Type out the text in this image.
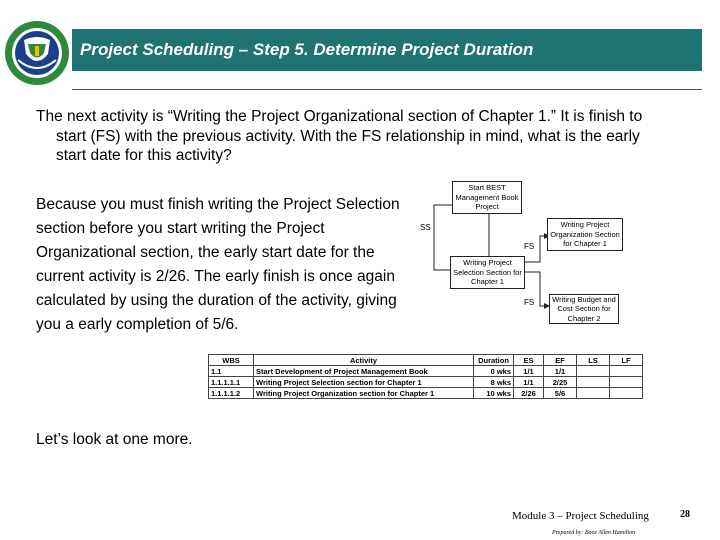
Project Scheduling – Step 5. Determine Project Duration
The next activity is “Writing the Project Organizational section of Chapter 1.” It is finish to start (FS) with the previous activity. With the FS relationship in mind, what is the early start date for this activity?
Because you must finish writing the Project Selection section before you start writing the Project Organizational section, the early start date for the current activity is 2/26. The early finish is once again calculated by using the duration of the activity, giving you a early completion of 5/6.
Start BEST Management Book Project
Writing Project Selection Section for Chapter 1
Writing Project Organization Section for Chapter 1
Writing Budget and Cost Section for Chapter 2
SS
FS
FS
WBS	Activity	Duration	ES	EF	LS	LF
1.1	Start Development of Project Management Book	0 wks	1/1	1/1		
1.1.1.1.1	Writing Project Selection section for Chapter 1	8 wks	1/1	2/25		
1.1.1.1.2	Writing Project Organization section for Chapter 1	10 wks	2/26	5/6		
Let’s look at one more.
Module 3 – Project Scheduling	28
Prepared by: Booz Allen Hamilton
